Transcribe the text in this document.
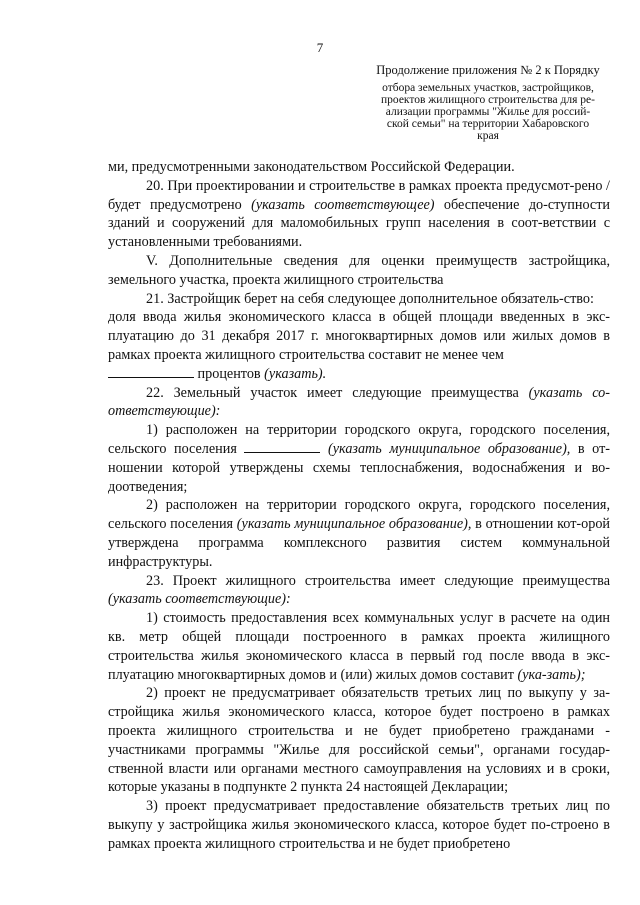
7
Продолжение приложения № 2 к Порядку
отбора земельных участков, застройщиков,
проектов жилищного строительства для ре-
ализации программы "Жилье для россий-
ской семьи" на территории Хабаровского
края

ми, предусмотренными законодательством Российской Федерации.

20. При проектировании и строительстве в рамках проекта предусмот-рено / будет предусмотрено (указать соответствующее) обеспечение до-ступности зданий и сооружений для маломобильных групп населения в соот-ветствии с установленными требованиями.

V. Дополнительные сведения для оценки преимуществ застройщика, земельного участка, проекта жилищного строительства

21. Застройщик берет на себя следующее дополнительное обязатель-ство:

доля ввода жилья экономического класса в общей площади введенных в экс-плуатацию до 31 декабря 2017 г. многоквартирных домов или жилых домов в рамках проекта жилищного строительства составит не менее чем

процентов (указать).

22. Земельный участок имеет следующие преимущества (указать со-ответствующие):

1) расположен на территории городского округа, городского поселения, сельского поселения	(указать муниципальное образование), в от-ношении которой утверждены схемы теплоснабжения, водоснабжения и во-доотведения;

2) расположен на территории городского округа, городского поселения, сельского поселения (указать муниципальное образование), в отношении кот-орой утверждена программа комплексного развития систем коммунальной инфраструктуры.

23. Проект жилищного строительства имеет следующие преимущества (указать соответствующие):

1) стоимость предоставления всех коммунальных услуг в расчете на один кв. метр общей площади построенного в рамках проекта жилищного строительства жилья экономического класса в первый год после ввода в экс-плуатацию многоквартирных домов и (или) жилых домов составит (ука-зать);

2) проект не предусматривает обязательств третьих лиц по выкупу у за-стройщика жилья экономического класса, которое будет построено в рамках проекта жилищного строительства и не будет приобретено гражданами - участниками программы "Жилье для российской семьи", органами государ-ственной власти или органами местного самоуправления на условиях и в сроки, которые указаны в подпункте 2 пункта 24 настоящей Декларации;

3) проект предусматривает предоставление обязательств третьих лиц по выкупу у застройщика жилья экономического класса, которое будет по-строено в рамках проекта жилищного строительства и не будет приобретено
